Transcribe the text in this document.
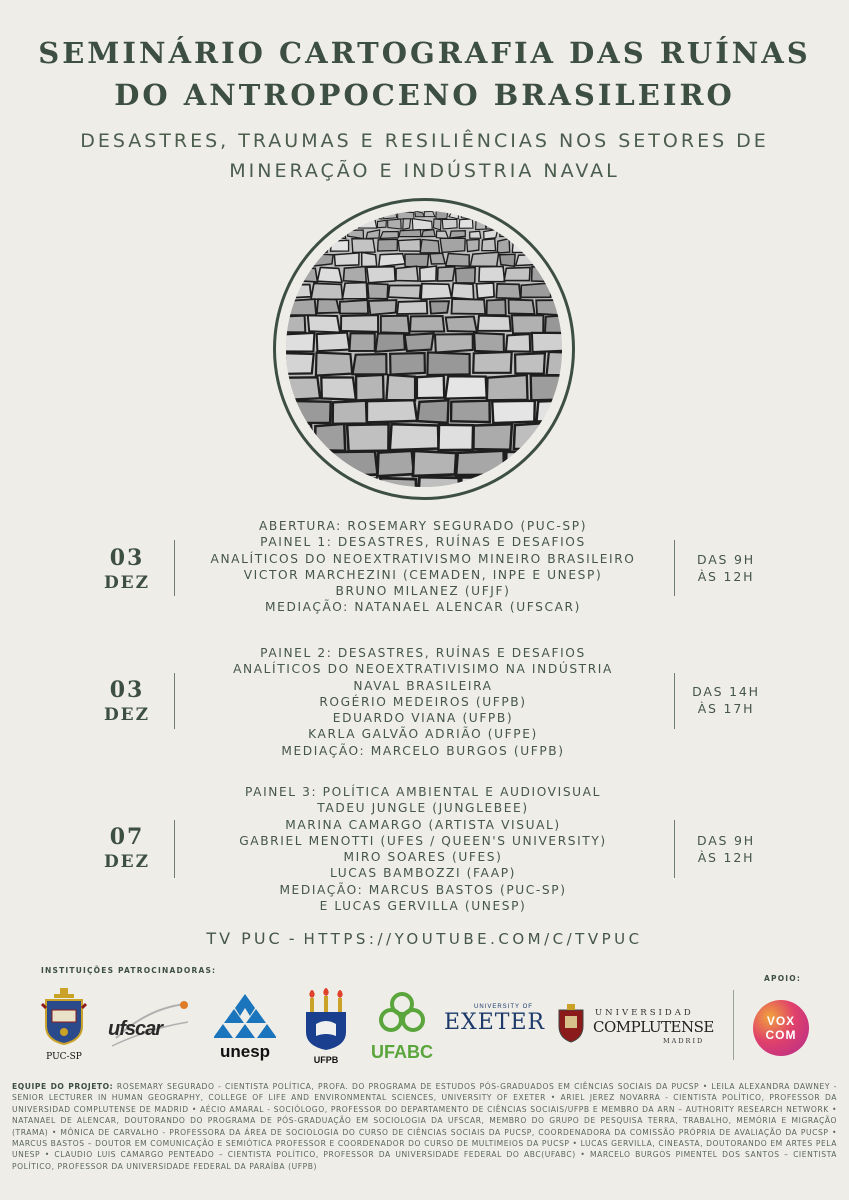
SEMINÁRIO CARTOGRAFIA DAS RUÍNAS
DO ANTROPOCENO BRASILEIRO
DESASTRES, TRAUMAS E RESILIÊNCIAS NOS SETORES DE
MINERAÇÃO E INDÚSTRIA NAVAL
03
DEZ
ABERTURA: ROSEMARY SEGURADO (PUC-SP)
PAINEL 1: DESASTRES, RUÍNAS E DESAFIOS
ANALÍTICOS DO NEOEXTRATIVISMO MINEIRO BRASILEIRO
VICTOR MARCHEZINI (CEMADEN, INPE E UNESP)
BRUNO MILANEZ (UFJF)
MEDIAÇÃO: NATANAEL ALENCAR (UFSCAR)
DAS 9H
ÀS 12H
03
DEZ
PAINEL 2: DESASTRES, RUÍNAS E DESAFIOS
ANALÍTICOS DO NEOEXTRATIVISIMO NA INDÚSTRIA
NAVAL BRASILEIRA
ROGÉRIO MEDEIROS (UFPB)
EDUARDO VIANA (UFPB)
KARLA GALVÃO ADRIÃO (UFPE)
MEDIAÇÃO: MARCELO BURGOS (UFPB)
DAS 14H
ÀS 17H
07
DEZ
PAINEL 3: POLÍTICA AMBIENTAL E AUDIOVISUAL
TADEU JUNGLE (JUNGLEBEE)
MARINA CAMARGO (ARTISTA VISUAL)
GABRIEL MENOTTI (UFES / QUEEN'S UNIVERSITY)
MIRO SOARES (UFES)
LUCAS BAMBOZZI (FAAP)
MEDIAÇÃO: MARCUS BASTOS (PUC-SP)
E LUCAS GERVILLA (UNESP)
DAS 9H
ÀS 12H
TV PUC - HTTPS://YOUTUBE.COM/C/TVPUC
INSTITUIÇÕES PATROCINADORAS:
APOIO:
PUC-SP
ufscar
unesp	UFPB	UFABC
UNIVERSITY OF
EXETER	UNIVERSIDAD
COMPLUTENSE
MADRID
VOX
COM
EQUIPE DO PROJETO: ROSEMARY SEGURADO - CIENTISTA POLÍTICA, PROFA. DO PROGRAMA DE ESTUDOS PÓS-GRADUADOS EM CIÊNCIAS SOCIAIS DA PUCSP • LEILA ALEXANDRA DAWNEY - SENIOR LECTURER IN HUMAN GEOGRAPHY, COLLEGE OF LIFE AND ENVIRONMENTAL SCIENCES, UNIVERSITY OF EXETER • ARIEL JEREZ NOVARRA - CIENTISTA POLÍTICO, PROFESSOR DA UNIVERSIDAD COMPLUTENSE DE MADRID • AÉCIO AMARAL - SOCIÓLOGO, PROFESSOR DO DEPARTAMENTO DE CIÊNCIAS SOCIAIS/UFPB E MEMBRO DA ARN – AUTHORITY RESEARCH NETWORK • NATANAEL DE ALENCAR, DOUTORANDO DO PROGRAMA DE PÓS-GRADUAÇÃO EM SOCIOLOGIA DA UFSCAR, MEMBRO DO GRUPO DE PESQUISA TERRA, TRABALHO, MEMÓRIA E MIGRAÇÃO (TRAMA) • MÔNICA DE CARVALHO - PROFESSORA DA ÁREA DE SOCIOLOGIA DO CURSO DE CIÊNCIAS SOCIAIS DA PUCSP, COORDENADORA DA COMISSÃO PRÓPRIA DE AVALIAÇÃO DA PUCSP • MARCUS BASTOS – DOUTOR EM COMUNICAÇÃO E SEMIÓTICA PROFESSOR E COORDENADOR DO CURSO DE MULTIMEIOS DA PUCSP • LUCAS GERVILLA, CINEASTA, DOUTORANDO EM ARTES PELA UNESP • CLAUDIO LUIS CAMARGO PENTEADO – CIENTISTA POLÍTICO, PROFESSOR DA UNIVERSIDADE FEDERAL DO ABC(UFABC) • MARCELO BURGOS PIMENTEL DOS SANTOS – CIENTISTA POLÍTICO, PROFESSOR DA UNIVERSIDADE FEDERAL DA PARAÍBA (UFPB)
